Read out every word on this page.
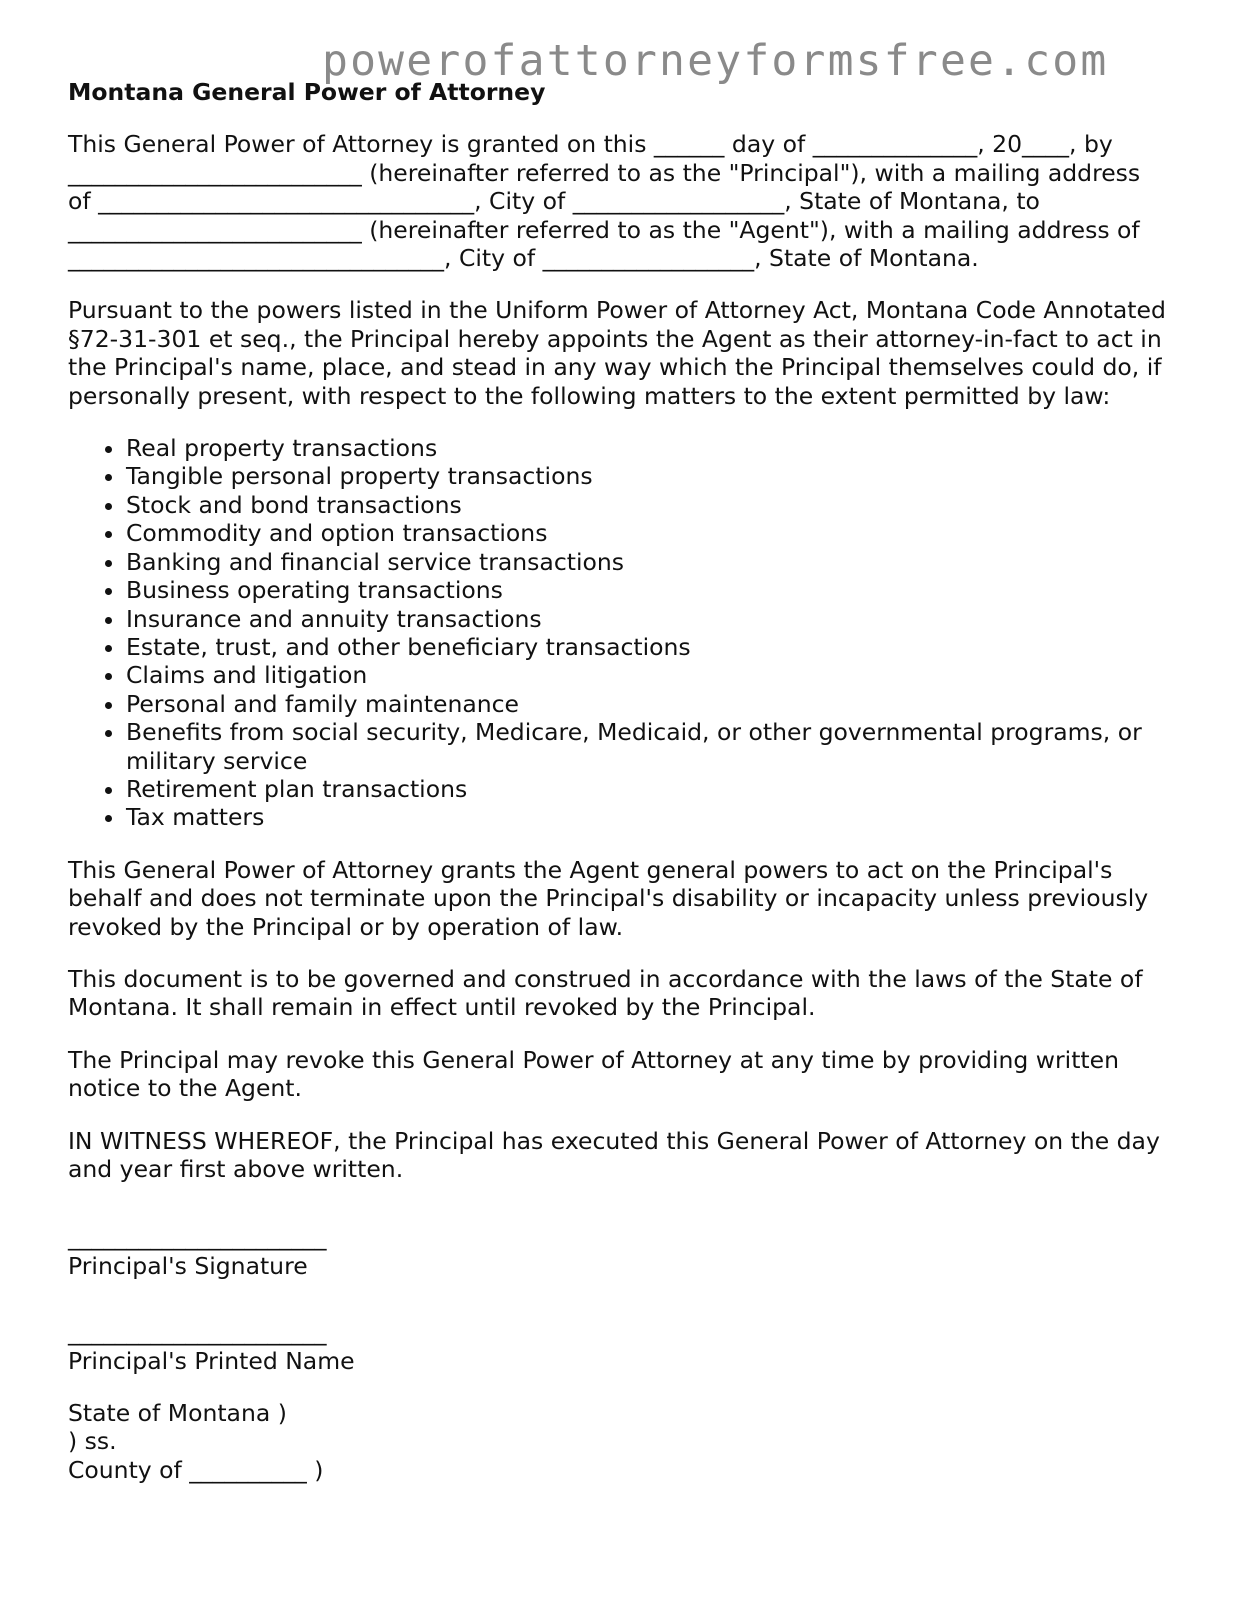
powerofattorneyformsfree.com
Montana General Power of Attorney

This General Power of Attorney is granted on this ______ day of ______________, 20____, by _________________________ (hereinafter referred to as the "Principal"), with a mailing address of ________________________________, City of __________________, State of Montana, to _________________________ (hereinafter referred to as the "Agent"), with a mailing address of ________________________________, City of __________________, State of Montana.

Pursuant to the powers listed in the Uniform Power of Attorney Act, Montana Code Annotated §72-31-301 et seq., the Principal hereby appoints the Agent as their attorney-in-fact to act in the Principal's name, place, and stead in any way which the Principal themselves could do, if personally present, with respect to the following matters to the extent permitted by law:

• Real property transactions
• Tangible personal property transactions
• Stock and bond transactions
• Commodity and option transactions
• Banking and financial service transactions
• Business operating transactions
• Insurance and annuity transactions
• Estate, trust, and other beneficiary transactions
• Claims and litigation
• Personal and family maintenance
• Benefits from social security, Medicare, Medicaid, or other governmental programs, or military service
• Retirement plan transactions
• Tax matters

This General Power of Attorney grants the Agent general powers to act on the Principal's behalf and does not terminate upon the Principal's disability or incapacity unless previously revoked by the Principal or by operation of law.

This document is to be governed and construed in accordance with the laws of the State of Montana. It shall remain in effect until revoked by the Principal.

The Principal may revoke this General Power of Attorney at any time by providing written notice to the Agent.

IN WITNESS WHEREOF, the Principal has executed this General Power of Attorney on the day and year first above written.

______________________
Principal's Signature
______________________
Principal's Printed Name
State of Montana )
) ss.
County of __________ )
